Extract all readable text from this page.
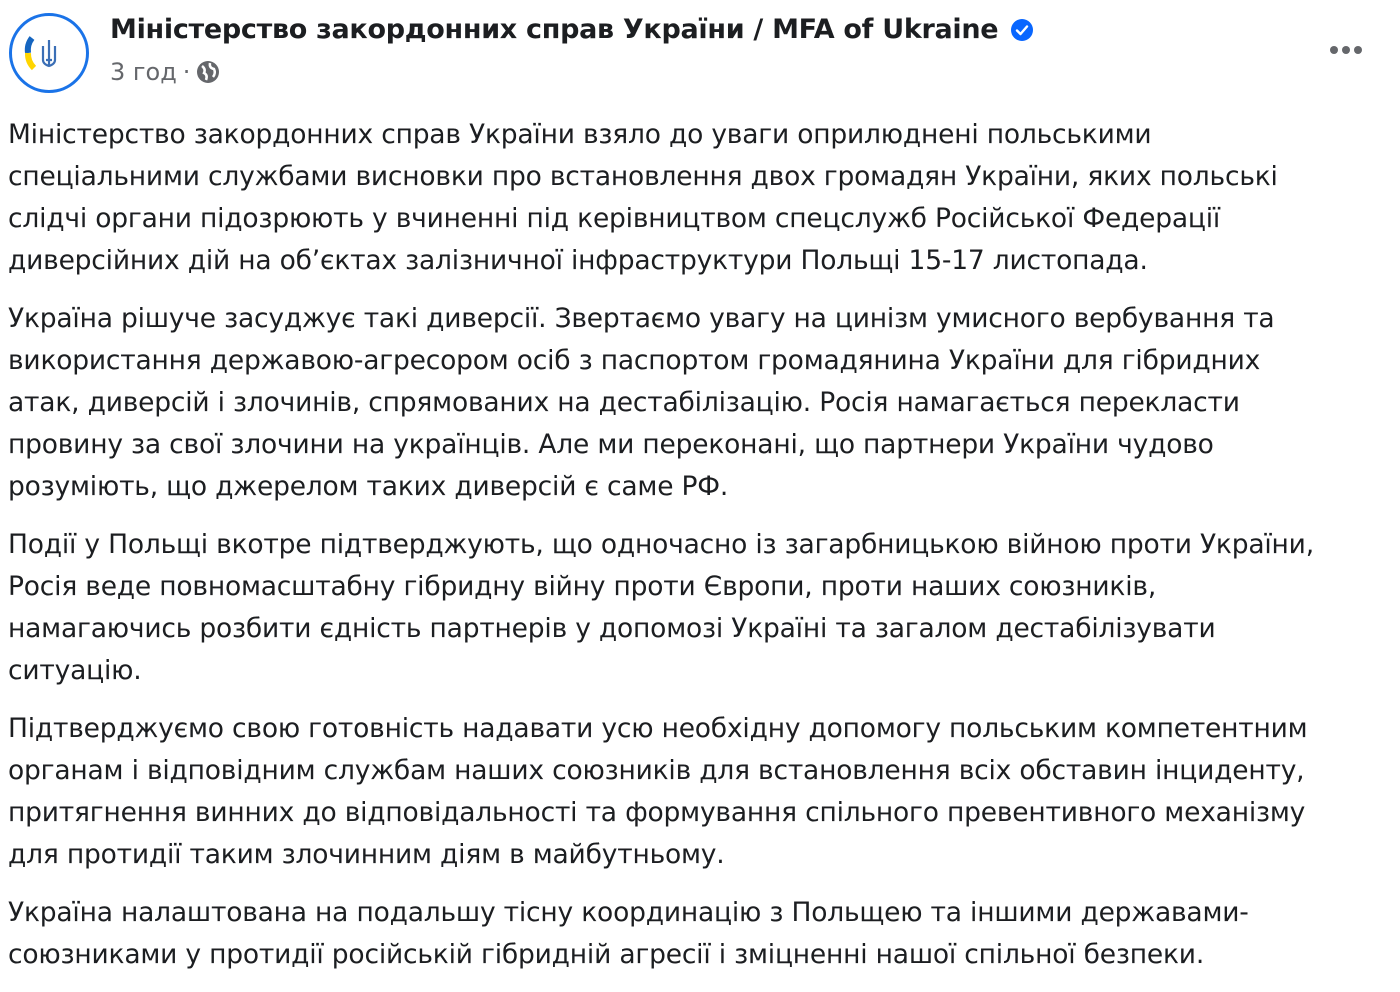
Міністерство закордонних справ України / MFA of Ukraine
3 год ·
Міністерство закордонних справ України взяло до уваги оприлюднені польськими
спеціальними службами висновки про встановлення двох громадян України, яких польські
слідчі органи підозрюють у вчиненні під керівництвом спецслужб Російської Федерації
диверсійних дій на об’єктах залізничної інфраструктури Польщі 15-17 листопада.
Україна рішуче засуджує такі диверсії. Звертаємо увагу на цинізм умисного вербування та
використання державою-агресором осіб з паспортом громадянина України для гібридних
атак, диверсій і злочинів, спрямованих на дестабілізацію. Росія намагається перекласти
провину за свої злочини на українців. Але ми переконані, що партнери України чудово
розуміють, що джерелом таких диверсій є саме РФ.
Події у Польщі вкотре підтверджують, що одночасно із загарбницькою війною проти України,
Росія веде повномасштабну гібридну війну проти Європи, проти наших союзників,
намагаючись розбити єдність партнерів у допомозі Україні та загалом дестабілізувати
ситуацію.
Підтверджуємо свою готовність надавати усю необхідну допомогу польським компетентним
органам і відповідним службам наших союзників для встановлення всіх обставин інциденту,
притягнення винних до відповідальності та формування спільного превентивного механізму
для протидії таким злочинним діям в майбутньому.
Україна налаштована на подальшу тісну координацію з Польщею та іншими державами-
союзниками у протидії російській гібридній агресії і зміцненні нашої спільної безпеки.
